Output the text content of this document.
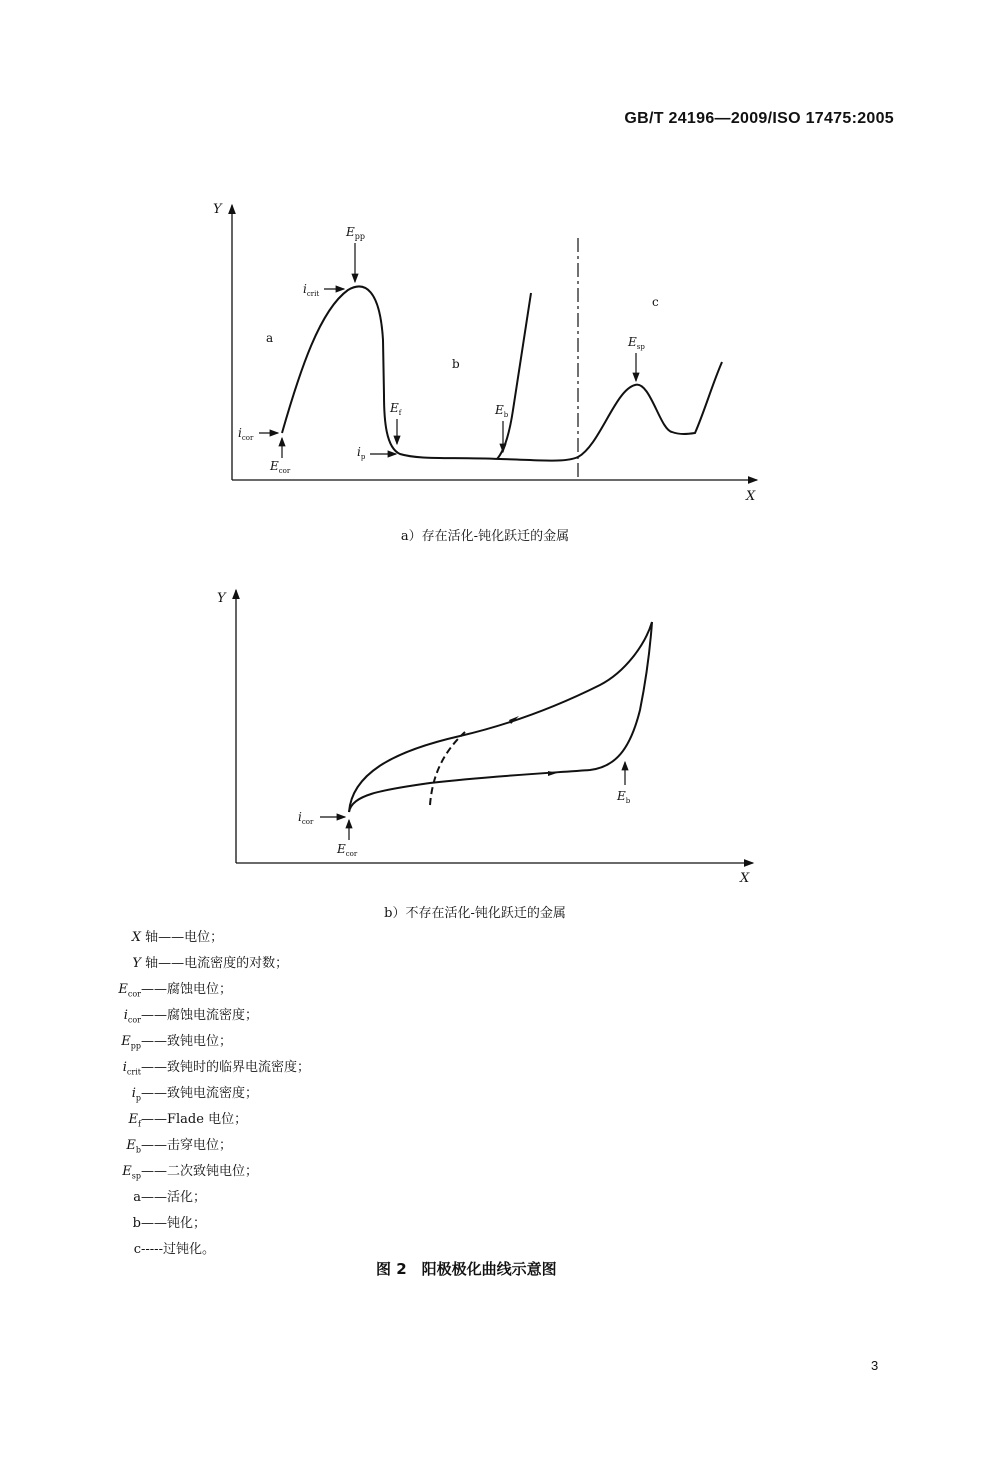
GB/T 24196—2009/ISO 17475:2005
Y
X
$E_{pp}$
$i_{crit}$
a
b
c
$E_{sp}$
$E_f$	$E_b$
$i_{cor}$
$i_p$
$E_{cor}$
a）存在活化-钝化跃迁的金属
Y
X
$i_{cor}$
$E_{cor}$
$E_b$
b）不存在活化-钝化跃迁的金属
X 轴——电位；
Y 轴——电流密度的对数；
$E_{cor}——$腐蚀电位；
$i_{cor}——$腐蚀电流密度；
$E_{pp}——$致钝电位；
$i_{crit}——$致钝时的临界电流密度；
$i_p——$致钝电流密度；
$E_f——Flade$ 电位；
$E_b——$击穿电位；
$E_{sp}——$二次致钝电位；
a——活化；
b——钝化；
c-----过钝化。
图 2　阳极极化曲线示意图
3
